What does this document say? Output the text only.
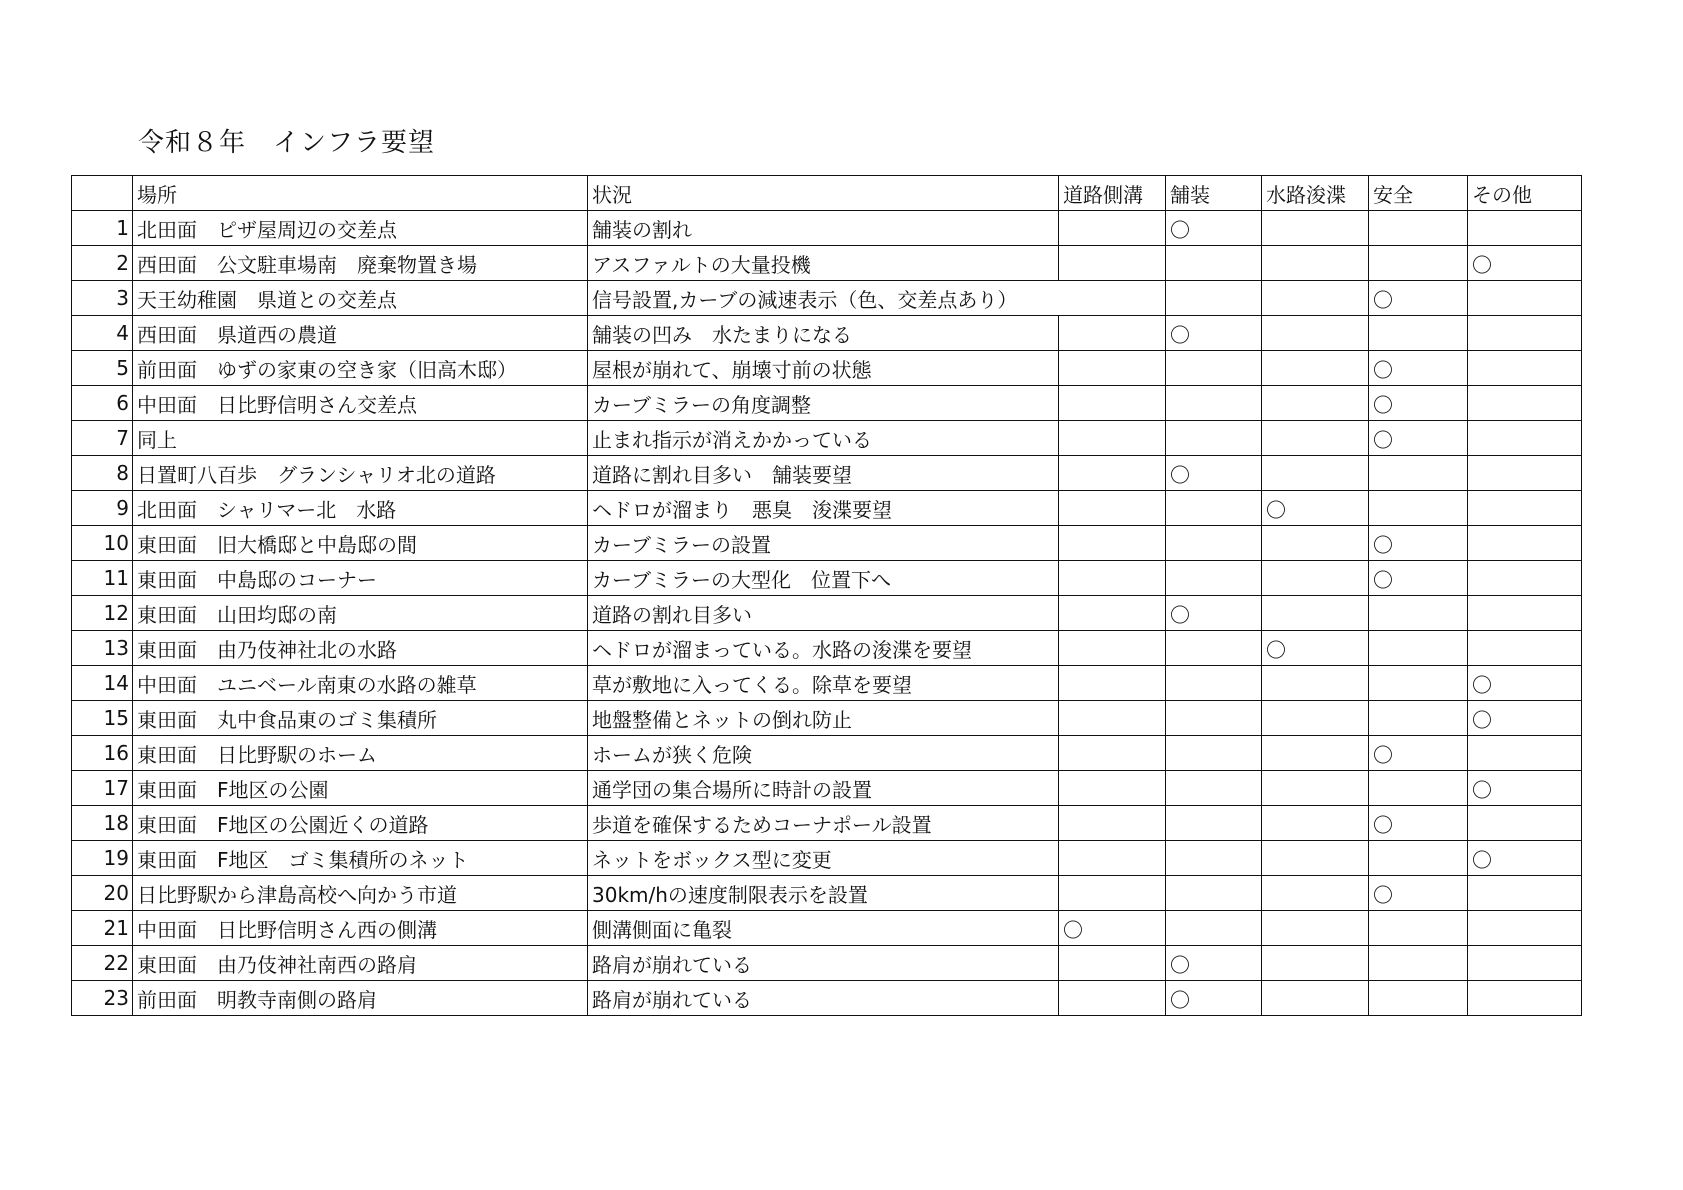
令和８年　インフラ要望
	場所	状況	道路側溝	舗装	水路浚渫	安全	その他
1	北田面　ピザ屋周辺の交差点	舗装の割れ		〇			
2	西田面　公文駐車場南　廃棄物置き場	アスファルトの大量投機					〇
3	天王幼稚園　県道との交差点	信号設置,カーブの減速表示（色、交差点あり）				〇	
4	西田面　県道西の農道	舗装の凹み　水たまりになる		〇			
5	前田面　ゆずの家東の空き家（旧高木邸）	屋根が崩れて、崩壊寸前の状態				〇	
6	中田面　日比野信明さん交差点	カーブミラーの角度調整				〇	
7	同上	止まれ指示が消えかかっている				〇	
8	日置町八百歩　グランシャリオ北の道路	道路に割れ目多い　舗装要望		〇			
9	北田面　シャリマー北　水路	ヘドロが溜まり　悪臭　浚渫要望			〇		
10	東田面　旧大橋邸と中島邸の間	カーブミラーの設置				〇	
11	東田面　中島邸のコーナー	カーブミラーの大型化　位置下へ				〇	
12	東田面　山田均邸の南	道路の割れ目多い		〇			
13	東田面　由乃伎神社北の水路	ヘドロが溜まっている。水路の浚渫を要望			〇		
14	中田面　ユニベール南東の水路の雑草	草が敷地に入ってくる。除草を要望					〇
15	東田面　丸中食品東のゴミ集積所	地盤整備とネットの倒れ防止					〇
16	東田面　日比野駅のホーム	ホームが狭く危険				〇	
17	東田面　F地区の公園	通学団の集合場所に時計の設置					〇
18	東田面　F地区の公園近くの道路	歩道を確保するためコーナポール設置				〇	
19	東田面　F地区　ゴミ集積所のネット	ネットをボックス型に変更					〇
20	日比野駅から津島高校へ向かう市道	30km/hの速度制限表示を設置				〇	
21	中田面　日比野信明さん西の側溝	側溝側面に亀裂	〇				
22	東田面　由乃伎神社南西の路肩	路肩が崩れている		〇			
23	前田面　明教寺南側の路肩	路肩が崩れている		〇			
